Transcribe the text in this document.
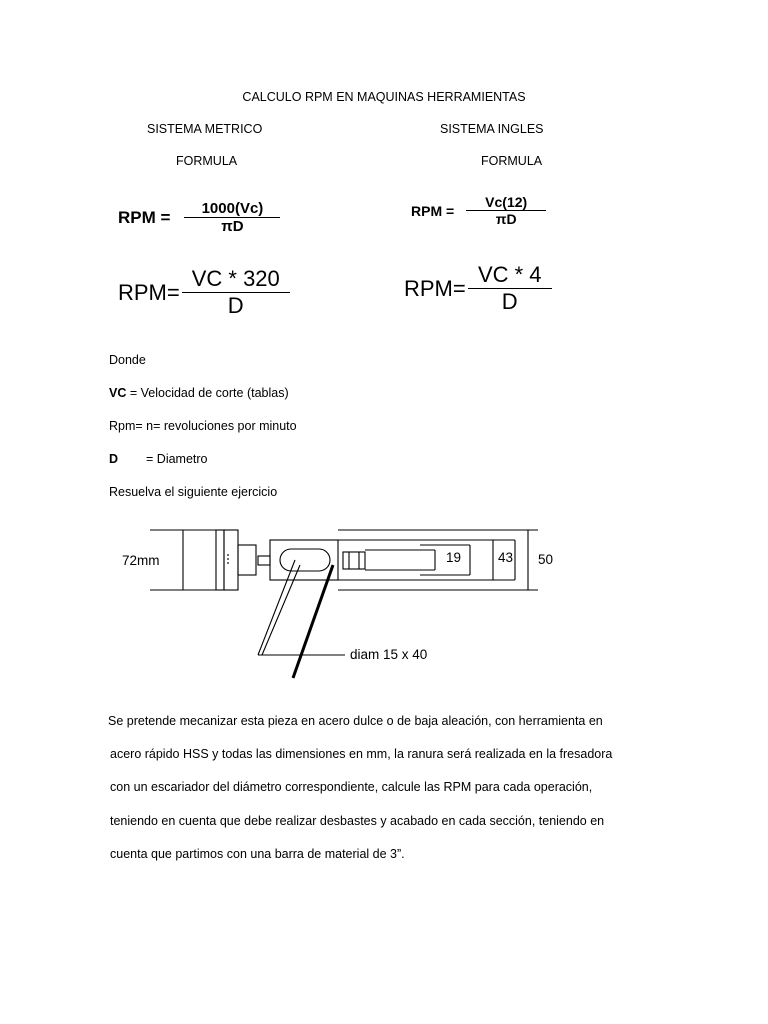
CALCULO RPM EN MAQUINAS HERRAMIENTAS
SISTEMA METRICO	SISTEMA INGLES
FORMULA	FORMULA
RPM = $\frac{1000(Vc)}{\pi D}$	RPM = $\frac{Vc(12)}{\pi D}$
$RPM= \frac{VC * 320}{D}$	$RPM= \frac{VC * 4}{D}$
Donde
VC = Velocidad de corte (tablas)
Rpm= n= revoluciones por minuto
D = Diametro
Resuelva el siguiente ejercicio
72mm	19	43 50
diam 15 x 40
Se pretende mecanizar esta pieza en acero dulce o de baja aleación, con herramienta en
acero rápido HSS y todas las dimensiones en mm, la ranura será realizada en la fresadora
con un escariador del diámetro correspondiente, calcule las RPM para cada operación,
teniendo en cuenta que debe realizar desbastes y acabado en cada sección, teniendo en
cuenta que partimos con una barra de material de 3”.
